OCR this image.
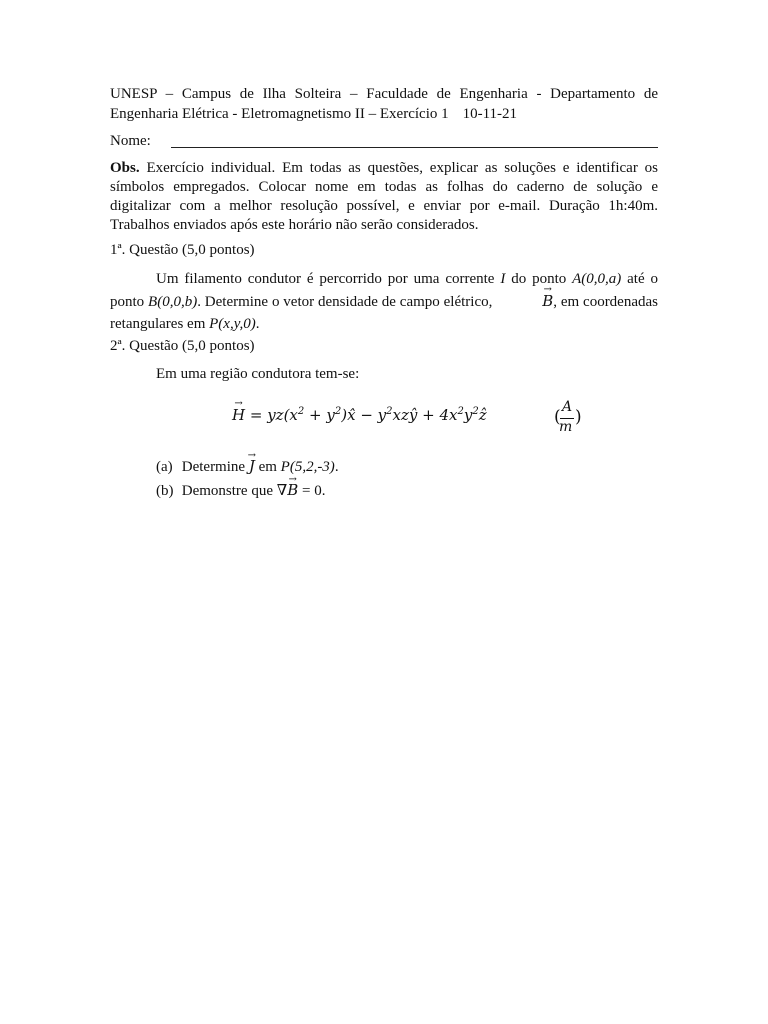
UNESP – Campus de Ilha Solteira – Faculdade de Engenharia - Departamento de
Engenharia Elétrica - Eletromagnetismo II – Exercício 1 10-11-21
Nome:
Obs. Exercício individual. Em todas as questões, explicar as soluções e identificar os símbolos empregados. Colocar nome em todas as folhas do caderno de solução e digitalizar com a melhor resolução possível, e enviar por e-mail. Duração 1h:40m. Trabalhos enviados após este horário não serão considerados.
1ª. Questão (5,0 pontos)
Um filamento condutor é percorrido por uma corrente I do ponto A(0,0,a) até o ponto B(0,0,b). Determine o vetor densidade de campo elétrico, →	B, em coordenadas retangulares em P(x,y,0).
2ª. Questão (5,0 pontos)
Em uma região condutora tem-se:
→ $H = yz(x^2$ + $y^2)x̂$ − $y^2xzŷ$ + $4x^2y^2ẑ$	( A
m )
(a) Determine → J em P(5,2,-3).
(b) Demonstre que ∇→ B = 0.
